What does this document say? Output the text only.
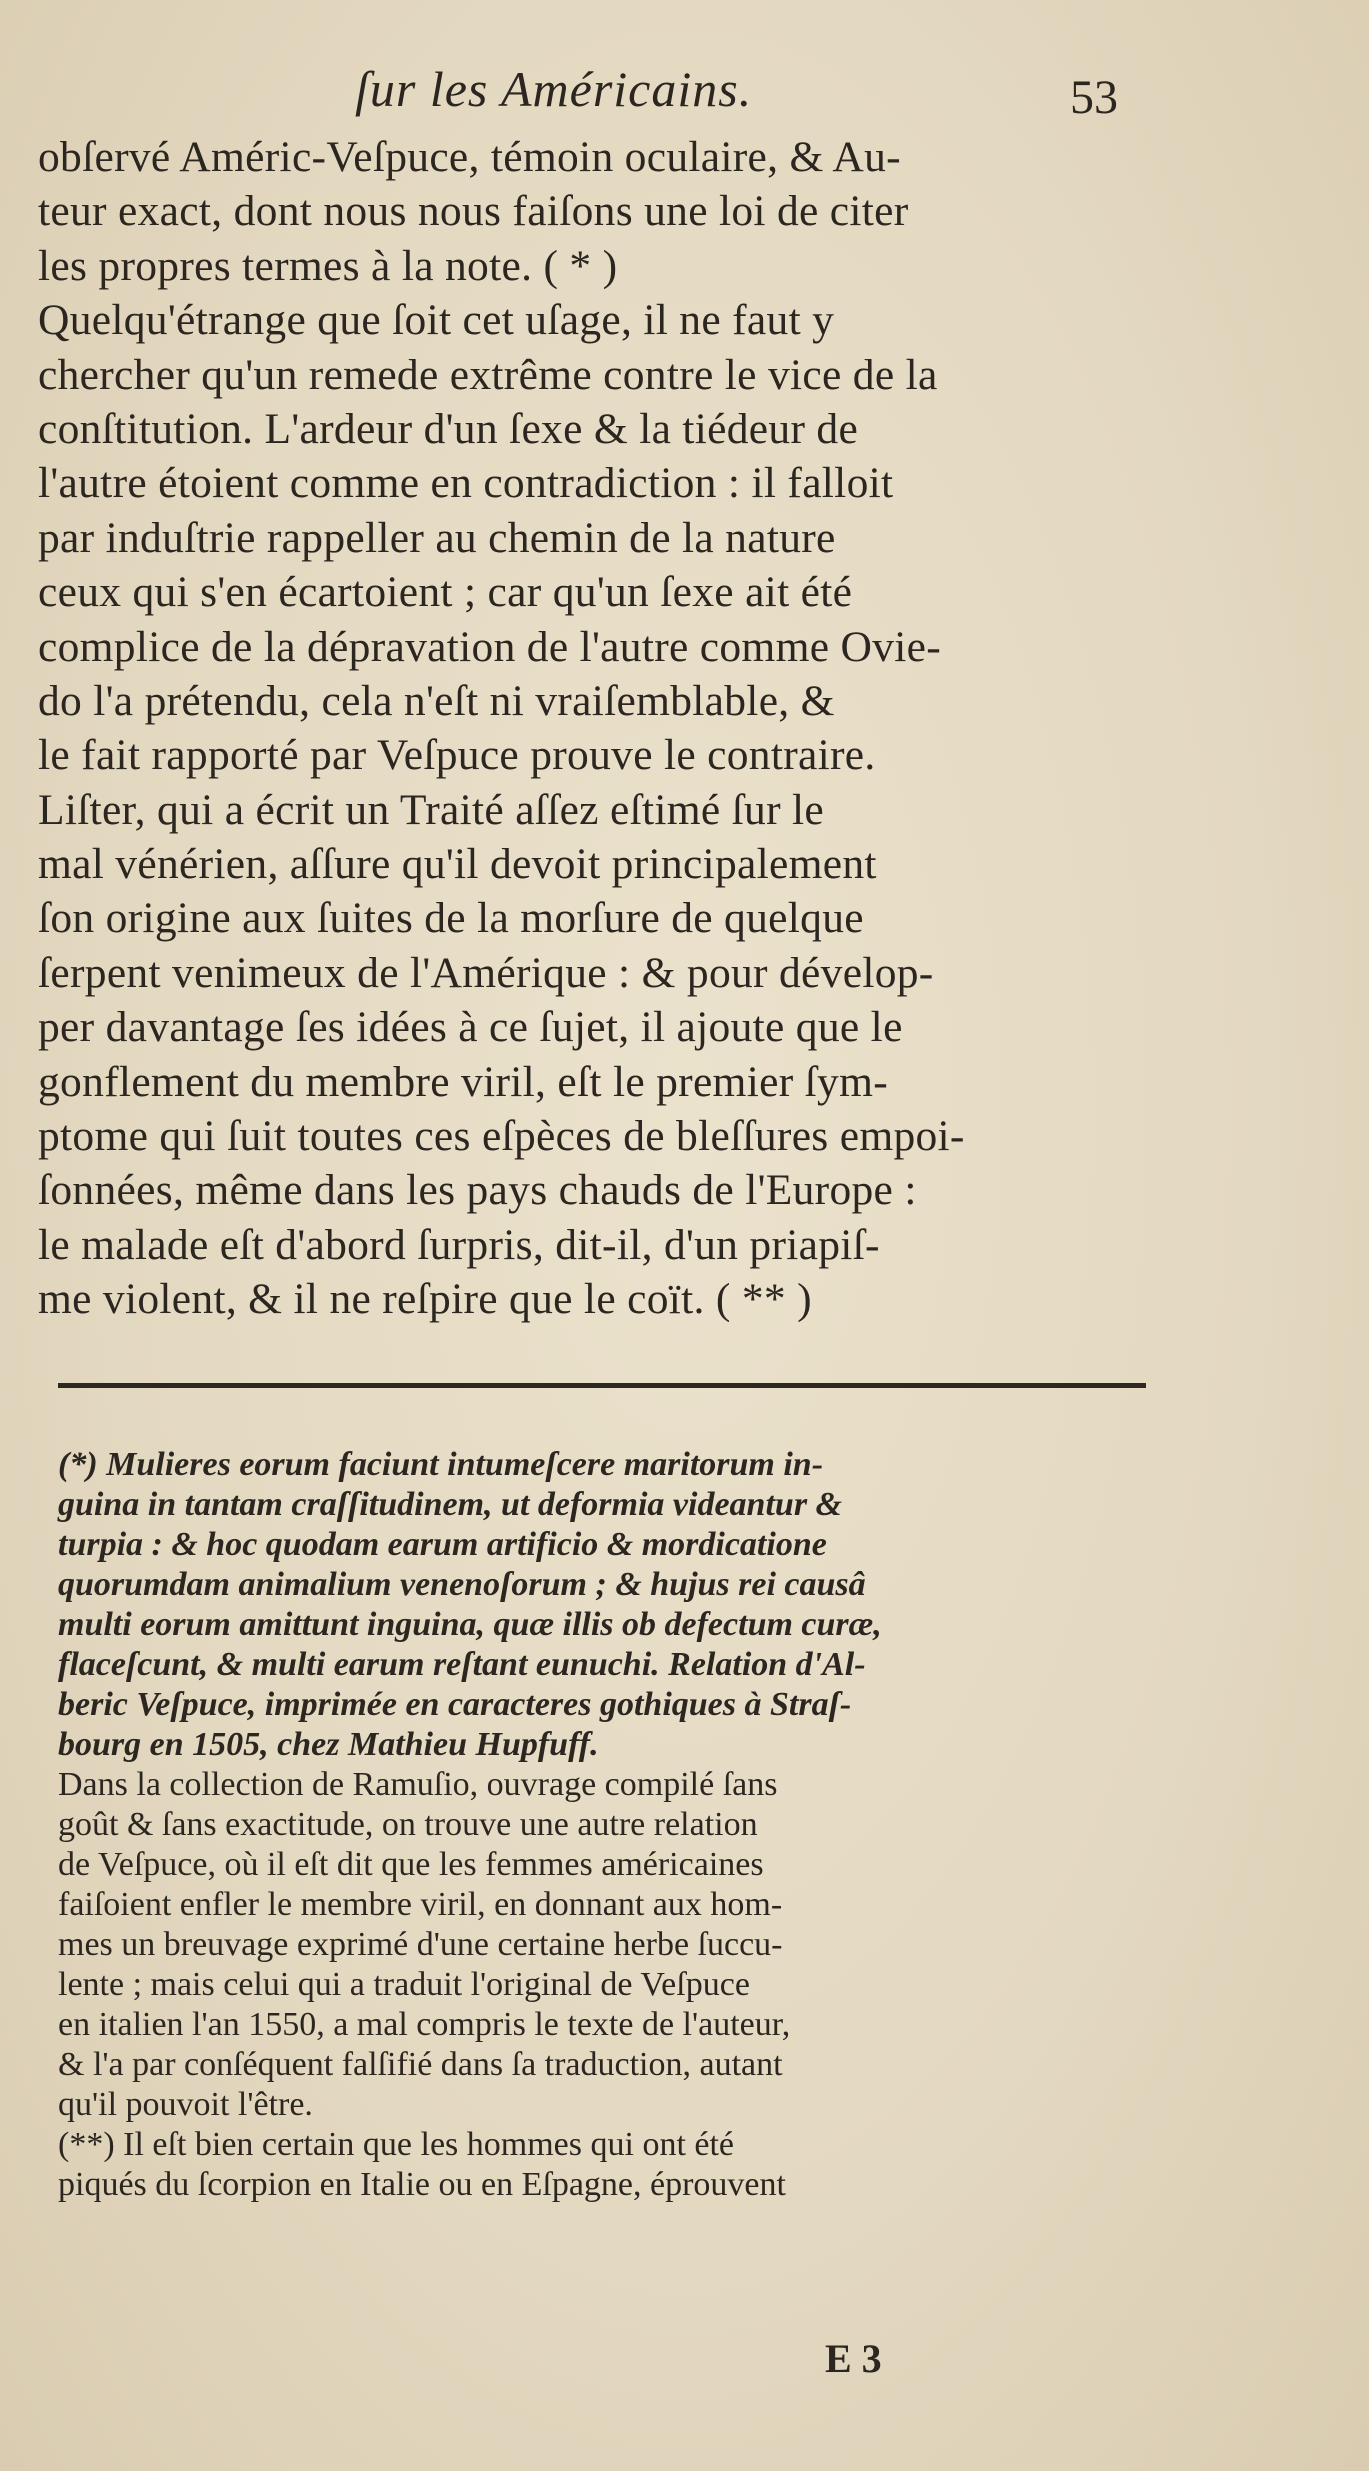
ſur les Américains.	53
obſervé Améric-Veſpuce, témoin oculaire, & Au-
teur exact, dont nous nous faiſons une loi de citer
les propres termes à la note. ( * )
Quelqu'étrange que ſoit cet uſage, il ne faut y
chercher qu'un remede extrême contre le vice de la
conſtitution. L'ardeur d'un ſexe & la tiédeur de
l'autre étoient comme en contradiction : il falloit
par induſtrie rappeller au chemin de la nature
ceux qui s'en écartoient ; car qu'un ſexe ait été
complice de la dépravation de l'autre comme Ovie-
do l'a prétendu, cela n'eſt ni vraiſemblable, &
le fait rapporté par Veſpuce prouve le contraire.
Liſter, qui a écrit un Traité aſſez eſtimé ſur le
mal vénérien, aſſure qu'il devoit principalement
ſon origine aux ſuites de la morſure de quelque
ſerpent venimeux de l'Amérique : & pour dévelop-
per davantage ſes idées à ce ſujet, il ajoute que le
gonflement du membre viril, eſt le premier ſym-
ptome qui ſuit toutes ces eſpèces de bleſſures empoi-
ſonnées, même dans les pays chauds de l'Europe :
le malade eſt d'abord ſurpris, dit-il, d'un priapiſ-
me violent, & il ne reſpire que le coït. ( ** )
(*) Mulieres eorum faciunt intumeſcere maritorum in-
guina in tantam craſſitudinem, ut deformia videantur &
turpia : & hoc quodam earum artificio & mordicatione
quorumdam animalium venenoſorum ; & hujus rei causâ
multi eorum amittunt inguina, quæ illis ob defectum curæ,
flaceſcunt, & multi earum reſtant eunuchi. Relation d'Al-
beric Veſpuce, imprimée en caracteres gothiques à Straſ-
bourg en 1505, chez Mathieu Hupfuff.
Dans la collection de Ramuſio, ouvrage compilé ſans
goût & ſans exactitude, on trouve une autre relation
de Veſpuce, où il eſt dit que les femmes américaines
faiſoient enfler le membre viril, en donnant aux hom-
mes un breuvage exprimé d'une certaine herbe ſuccu-
lente ; mais celui qui a traduit l'original de Veſpuce
en italien l'an 1550, a mal compris le texte de l'auteur,
& l'a par conſéquent falſifié dans ſa traduction, autant
qu'il pouvoit l'être.
(**) Il eſt bien certain que les hommes qui ont été
piqués du ſcorpion en Italie ou en Eſpagne, éprouvent
E 3
